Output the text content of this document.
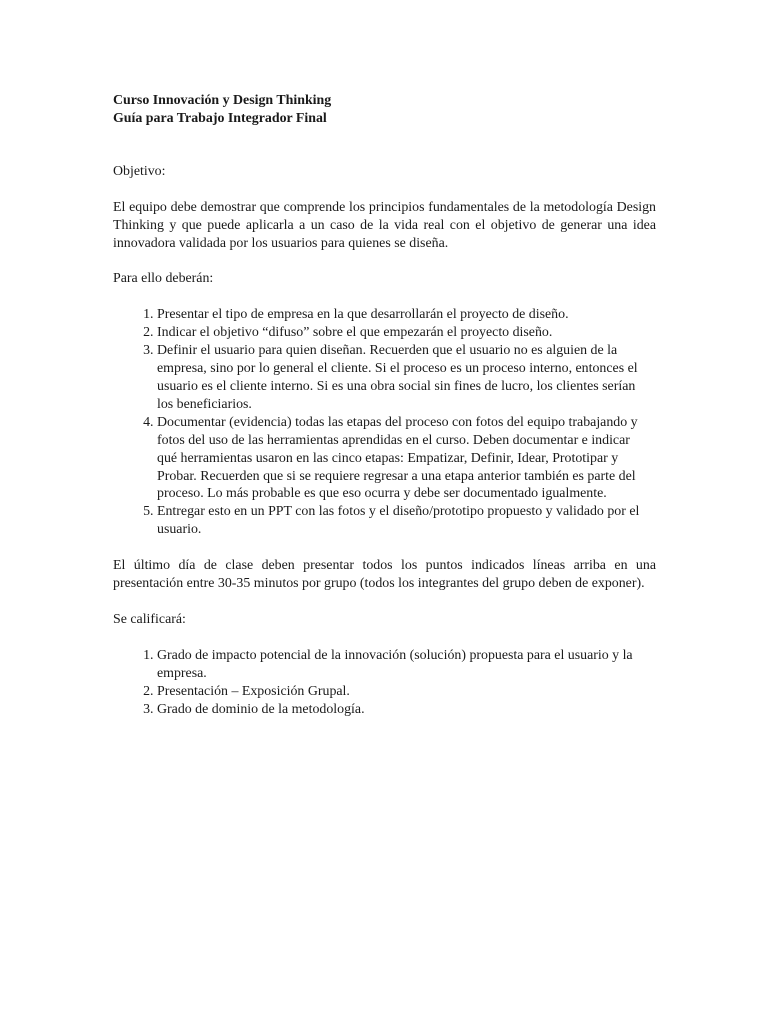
Curso Innovación y Design Thinking
Guía para Trabajo Integrador Final

Objetivo:

El equipo debe demostrar que comprende los principios fundamentales de la metodología Design Thinking y que puede aplicarla a un caso de la vida real con el objetivo de generar una idea innovadora validada por los usuarios para quienes se diseña.

Para ello deberán:

1. Presentar el tipo de empresa en la que desarrollarán el proyecto de diseño.
2. Indicar el objetivo “difuso” sobre el que empezarán el proyecto diseño.
3. Definir el usuario para quien diseñan. Recuerden que el usuario no es alguien de la empresa, sino por lo general el cliente. Si el proceso es un proceso interno, entonces el usuario es el cliente interno. Si es una obra social sin fines de lucro, los clientes serían los beneficiarios.
4. Documentar (evidencia) todas las etapas del proceso con fotos del equipo trabajando y fotos del uso de las herramientas aprendidas en el curso. Deben documentar e indicar qué herramientas usaron en las cinco etapas: Empatizar, Definir, Idear, Prototipar y Probar. Recuerden que si se requiere regresar a una etapa anterior también es parte del proceso. Lo más probable es que eso ocurra y debe ser documentado igualmente.
5. Entregar esto en un PPT con las fotos y el diseño/prototipo propuesto y validado por el usuario.

El último día de clase deben presentar todos los puntos indicados líneas arriba en una presentación entre 30-35 minutos por grupo (todos los integrantes del grupo deben de exponer).

Se calificará:

1. Grado de impacto potencial de la innovación (solución) propuesta para el usuario y la empresa.
2. Presentación – Exposición Grupal.
3. Grado de dominio de la metodología.
